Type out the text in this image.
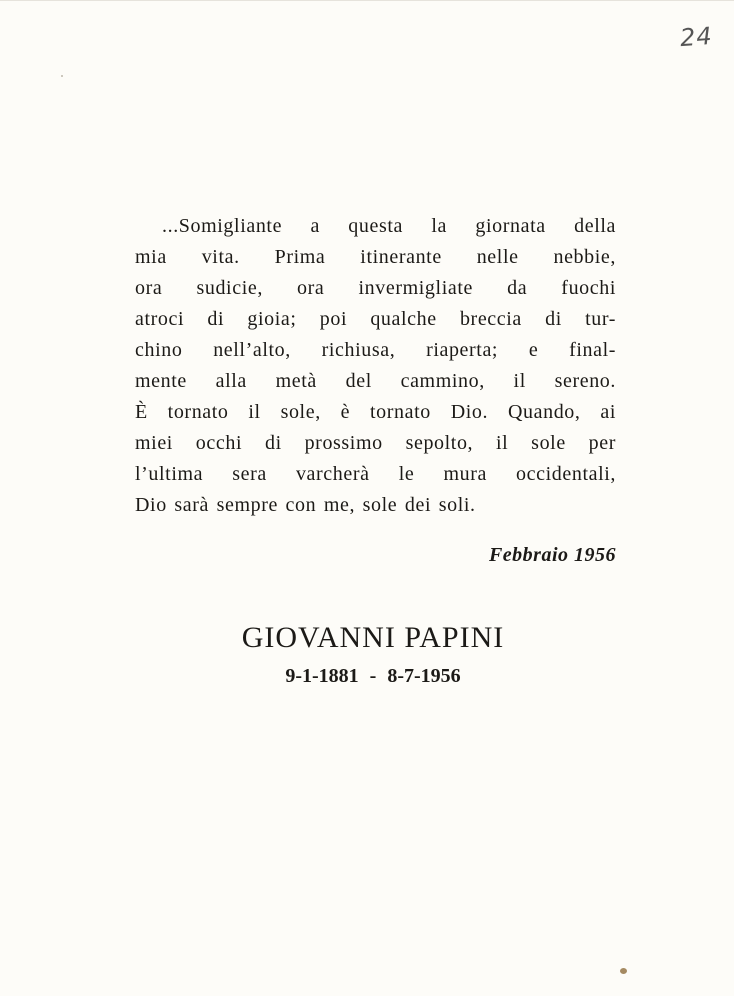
24
...Somigliante a questa la giornata della
mia vita. Prima itinerante nelle nebbie,
ora sudicie, ora invermigliate da fuochi
atroci di gioia; poi qualche breccia di tur-
chino nell’alto, richiusa, riaperta; e final-
mente alla metà del cammino, il sereno.
È tornato il sole, è tornato Dio. Quando, ai
miei occhi di prossimo sepolto, il sole per
l’ultima sera varcherà le mura occidentali,
Dio sarà sempre con me, sole dei soli.
Febbraio 1956
GIOVANNI PAPINI
9-1-1881 - 8-7-1956
